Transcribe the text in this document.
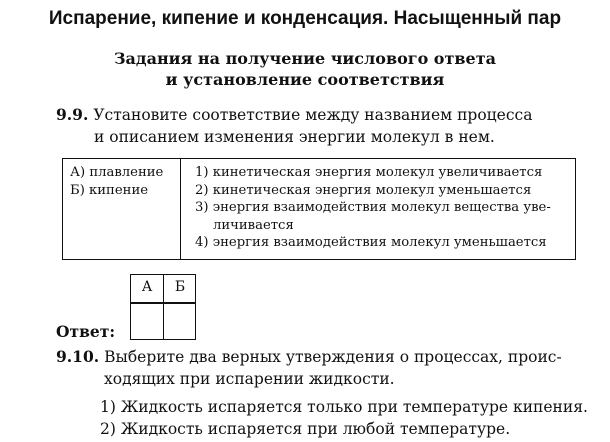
Испарение, кипение и конденсация. Насыщенный пар
Задания на получение числового ответа
и установление соответствия
9.9. Установите соответствие между названием процесса
и описанием изменения энергии молекул в нем.
А) плавление
Б) кипение
1) кинетическая энергия молекул увеличивается
2) кинетическая энергия молекул уменьшается
3) энергия взаимодействия молекул вещества уве-
личивается
4) энергия взаимодействия молекул уменьшается
А	Б
Ответ:
9.10. Выберите два верных утверждения о процессах, проис-
ходящих при испарении жидкости.
1) Жидкость испаряется только при температуре кипения.
2) Жидкость испаряется при любой температуре.
